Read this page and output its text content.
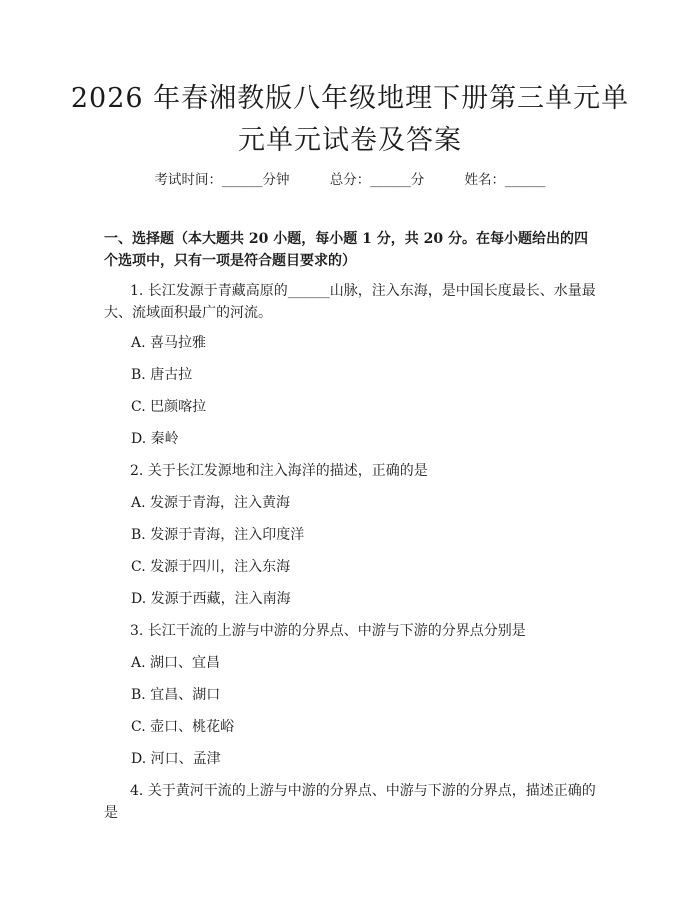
2026 年春湘教版八年级地理下册第三单元单
元单元试卷及答案
考试时间：______分钟	总分：______分	姓名：______
一、选择题（本大题共 20 小题，每小题 1 分，共 20 分。在每小题给出的四个选项中，只有一项是符合题目要求的）
1. 长江发源于青藏高原的______山脉，注入东海，是中国长度最长、水量最大、流域面积最广的河流。
A. 喜马拉雅
B. 唐古拉
C. 巴颜喀拉
D. 秦岭
2. 关于长江发源地和注入海洋的描述，正确的是
A. 发源于青海，注入黄海
B. 发源于青海，注入印度洋
C. 发源于四川，注入东海
D. 发源于西藏，注入南海
3. 长江干流的上游与中游的分界点、中游与下游的分界点分别是
A. 湖口、宜昌
B. 宜昌、湖口
C. 壶口、桃花峪
D. 河口、孟津
4. 关于黄河干流的上游与中游的分界点、中游与下游的分界点，描述正确的是
